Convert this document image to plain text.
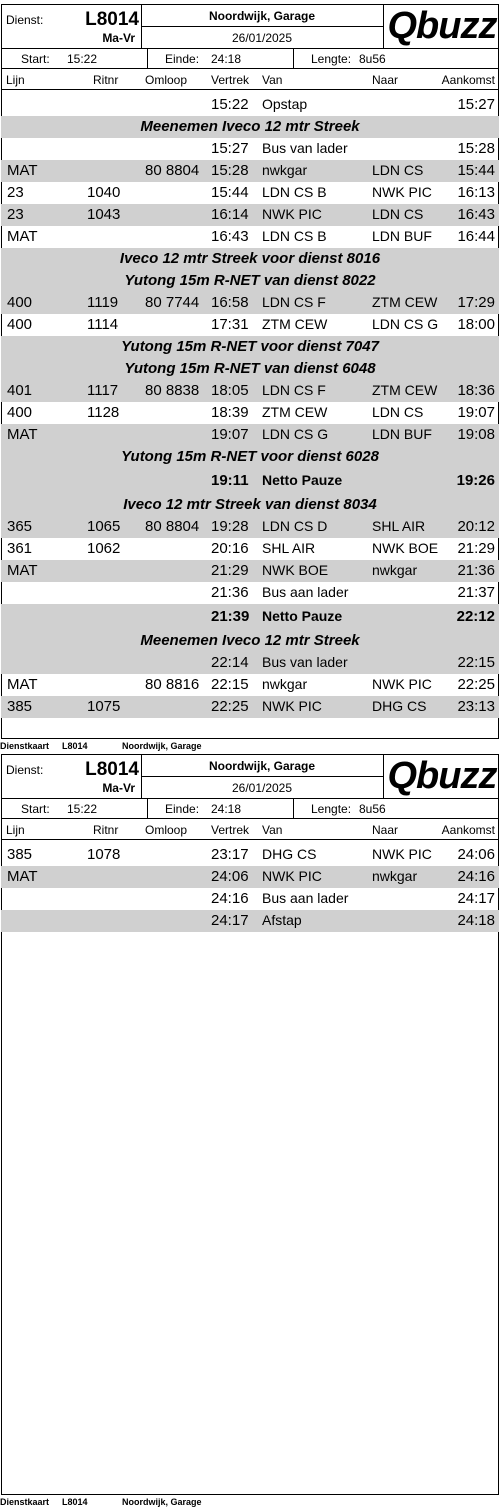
Dienst:	L8014
Ma-Vr
Noordwijk, Garage
26/01/2025	Qbuzz
Start: 15:22	Einde: 24:18	Lengte: 8u56
Lijn	Ritnr Omloop Vertrek Van	Naar	Aankomst
15:22 Opstap	15:27
Meenemen Iveco 12 mtr Streek
15:27 Bus van lader	15:28
MAT	80 8804 15:28 nwkgar	LDN CS 15:44
23	1040	15:44 LDN CS B	NWK PIC 16:13
23	1043	16:14 NWK PIC	LDN CS 16:43
MAT	16:43 LDN CS B	LDN BUF 16:44
Iveco 12 mtr Streek voor dienst 8016
Yutong 15m R-NET van dienst 8022
400	1119 80 7744 16:58 LDN CS F	ZTM CEW 17:29
400	1114	17:31 ZTM CEW	LDN CS G 18:00
Yutong 15m R-NET voor dienst 7047
Yutong 15m R-NET van dienst 6048
401	1117 80 8838 18:05 LDN CS F	ZTM CEW 18:36
400	1128	18:39 ZTM CEW	LDN CS 19:07
MAT	19:07 LDN CS G	LDN BUF 19:08
Yutong 15m R-NET voor dienst 6028
19:11 Netto Pauze	19:26
Iveco 12 mtr Streek van dienst 8034
365	1065 80 8804 19:28 LDN CS D	SHL AIR 20:12
361	1062	20:16 SHL AIR	NWK BOE 21:29
MAT	21:29 NWK BOE	nwkgar	21:36
21:36 Bus aan lader	21:37
21:39 Netto Pauze	22:12
Meenemen Iveco 12 mtr Streek
22:14 Bus van lader	22:15
MAT	80 8816 22:15 nwkgar	NWK PIC 22:25
385	1075	22:25 NWK PIC	DHG CS 23:13
Dienstkaart L8014	Noordwijk, Garage
Dienst:	L8014
Ma-Vr
Noordwijk, Garage
26/01/2025	Qbuzz
Start: 15:22	Einde: 24:18	Lengte: 8u56
Lijn	Ritnr Omloop Vertrek Van	Naar	Aankomst
385	1078	23:17 DHG CS	NWK PIC 24:06
MAT	24:06 NWK PIC	nwkgar	24:16
24:16 Bus aan lader	24:17
24:17 Afstap	24:18
Dienstkaart L8014	Noordwijk, Garage
